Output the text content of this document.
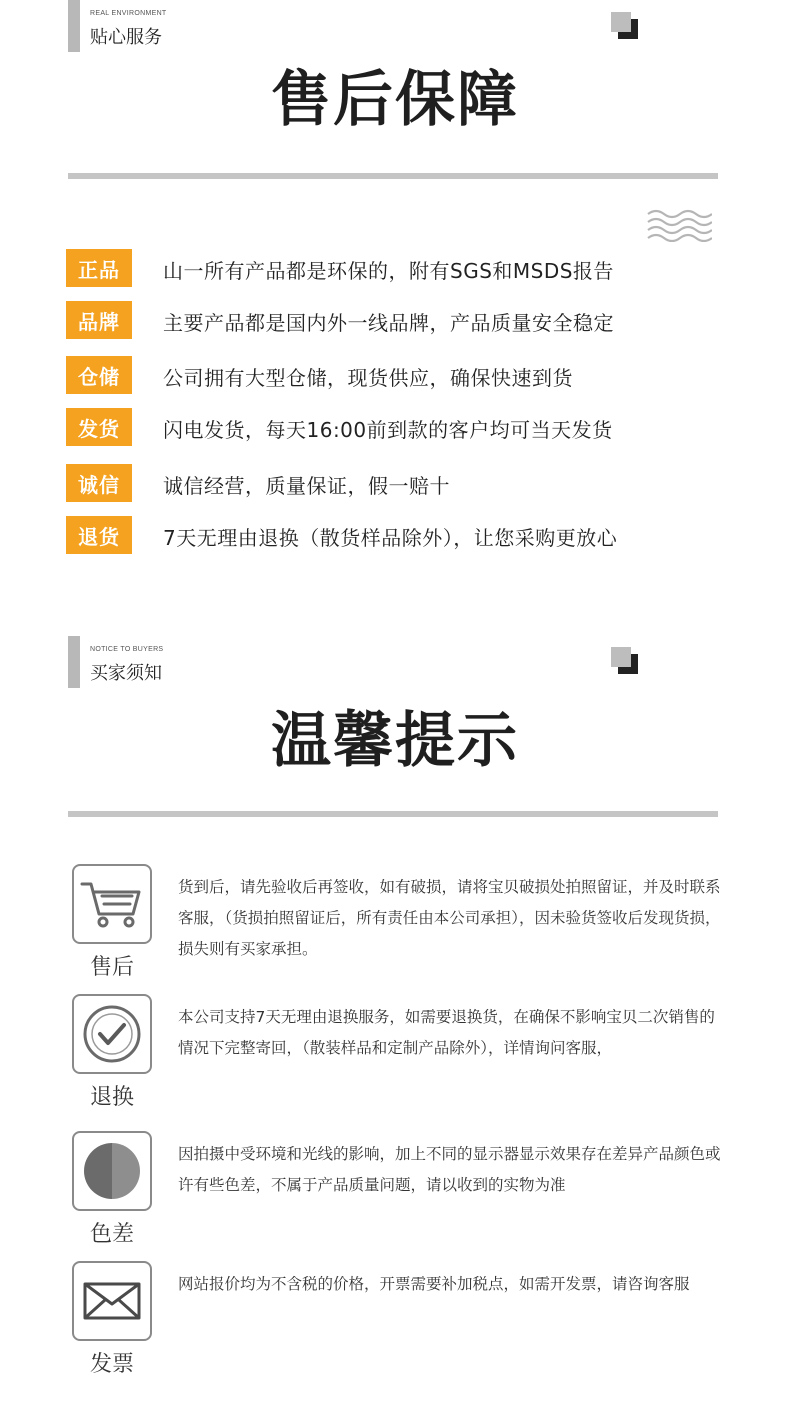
REAL ENVIRONMENT
贴心服务
售后保障
正品	山一所有产品都是环保的，附有SGS和MSDS报告
品牌	主要产品都是国内外一线品牌，产品质量安全稳定
仓储	公司拥有大型仓储，现货供应，确保快速到货
发货	闪电发货，每天16:00前到款的客户均可当天发货
诚信	诚信经营，质量保证，假一赔十
退货	7天无理由退换（散货样品除外），让您采购更放心
NOTICE TO BUYERS
买家须知
温馨提示
售后
货到后，请先验收后再签收，如有破损，请将宝贝破损处拍照留证，并及时联系客服，（货损拍照留证后，所有责任由本公司承担），因未验货签收后发现货损，损失则有买家承担。
退换
本公司支持7天无理由退换服务，如需要退换货，在确保不影响宝贝二次销售的情况下完整寄回，（散装样品和定制产品除外），详情询问客服，
色差
因拍摄中受环境和光线的影响，加上不同的显示器显示效果存在差异产品颜色或许有些色差，不属于产品质量问题，请以收到的实物为准
发票
网站报价均为不含税的价格，开票需要补加税点，如需开发票，请咨询客服
